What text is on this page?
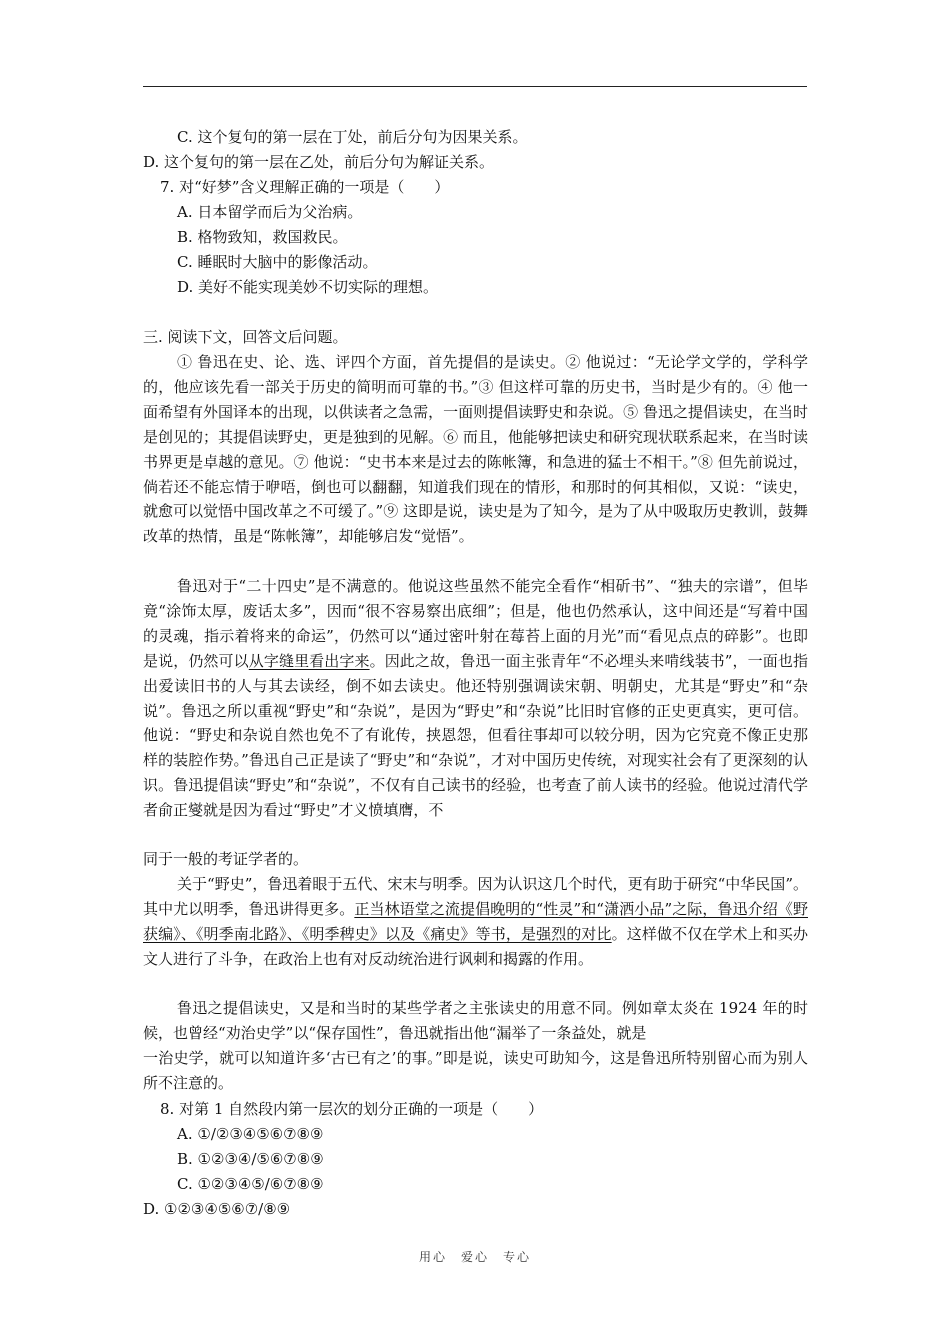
C. 这个复句的第一层在丁处，前后分句为因果关系。
D. 这个复句的第一层在乙处，前后分句为解证关系。
7. 对“好梦”含义理解正确的一项是（　　）
A. 日本留学而后为父治病。
B. 格物致知，救国救民。
C. 睡眠时大脑中的影像活动。
D. 美好不能实现美妙不切实际的理想。
三. 阅读下文，回答文后问题。
① 鲁迅在史、论、选、评四个方面，首先提倡的是读史。② 他说过：“无论学文学的，学科学的，他应该先看一部关于历史的简明而可靠的书。”③ 但这样可靠的历史书，当时是少有的。④ 他一面希望有外国译本的出现，以供读者之急需，一面则提倡读野史和杂说。⑤ 鲁迅之提倡读史，在当时是创见的；其提倡读野史，更是独到的见解。⑥ 而且，他能够把读史和研究现状联系起来，在当时读书界更是卓越的意见。⑦ 他说：“史书本来是过去的陈帐簿，和急进的猛士不相干。”⑧ 但先前说过，倘若还不能忘情于咿唔，倒也可以翻翻，知道我们现在的情形，和那时的何其相似，又说：“读史，就愈可以觉悟中国改革之不可缓了。”⑨ 这即是说，读史是为了知今，是为了从中吸取历史教训，鼓舞改革的热情，虽是“陈帐簿”，却能够启发“觉悟”。
鲁迅对于“二十四史”是不满意的。他说这些虽然不能完全看作“相斫书”、“独夫的宗谱”，但毕竟“涂饰太厚，废话太多”，因而“很不容易察出底细”；但是，他也仍然承认，这中间还是“写着中国的灵魂，指示着将来的命运”，仍然可以“通过密叶射在莓苔上面的月光”而“看见点点的碎影”。也即是说，仍然可以从字缝里看出字来。因此之故，鲁迅一面主张青年“不必埋头来啃线装书”，一面也指出爱读旧书的人与其去读经，倒不如去读史。他还特别强调读宋朝、明朝史，尤其是“野史”和“杂说”。鲁迅之所以重视“野史”和“杂说”，是因为“野史”和“杂说”比旧时官修的正史更真实，更可信。他说：“野史和杂说自然也免不了有讹传，挟恩怨，但看往事却可以较分明，因为它究竟不像正史那样的装腔作势。”鲁迅自己正是读了“野史”和“杂说”，才对中国历史传统，对现实社会有了更深刻的认识。鲁迅提倡读“野史”和“杂说”，不仅有自己读书的经验，也考查了前人读书的经验。他说过清代学者俞正燮就是因为看过“野史”才义愤填膺，不
同于一般的考证学者的。
关于“野史”，鲁迅着眼于五代、宋末与明季。因为认识这几个时代，更有助于研究“中华民国”。其中尤以明季，鲁迅讲得更多。正当林语堂之流提倡晚明的“性灵”和“潇洒小品”之际，鲁迅介绍《野获编》、《明季南北路》、《明季稗史》以及《痛史》等书，是强烈的对比。这样做不仅在学术上和买办文人进行了斗争，在政治上也有对反动统治进行讽刺和揭露的作用。
鲁迅之提倡读史，又是和当时的某些学者之主张读史的用意不同。例如章太炎在 1924 年的时候，也曾经“劝治史学”以“保存国性”，鲁迅就指出他“漏举了一条益处，就是
一治史学，就可以知道许多‘古已有之’的事。”即是说，读史可助知今，这是鲁迅所特别留心而为别人所不注意的。
8. 对第 1 自然段内第一层次的划分正确的一项是（　　）
A. ①/②③④⑤⑥⑦⑧⑨
B. ①②③④/⑤⑥⑦⑧⑨
C. ①②③④⑤/⑥⑦⑧⑨
D. ①②③④⑤⑥⑦/⑧⑨
用心　爱心　专心
